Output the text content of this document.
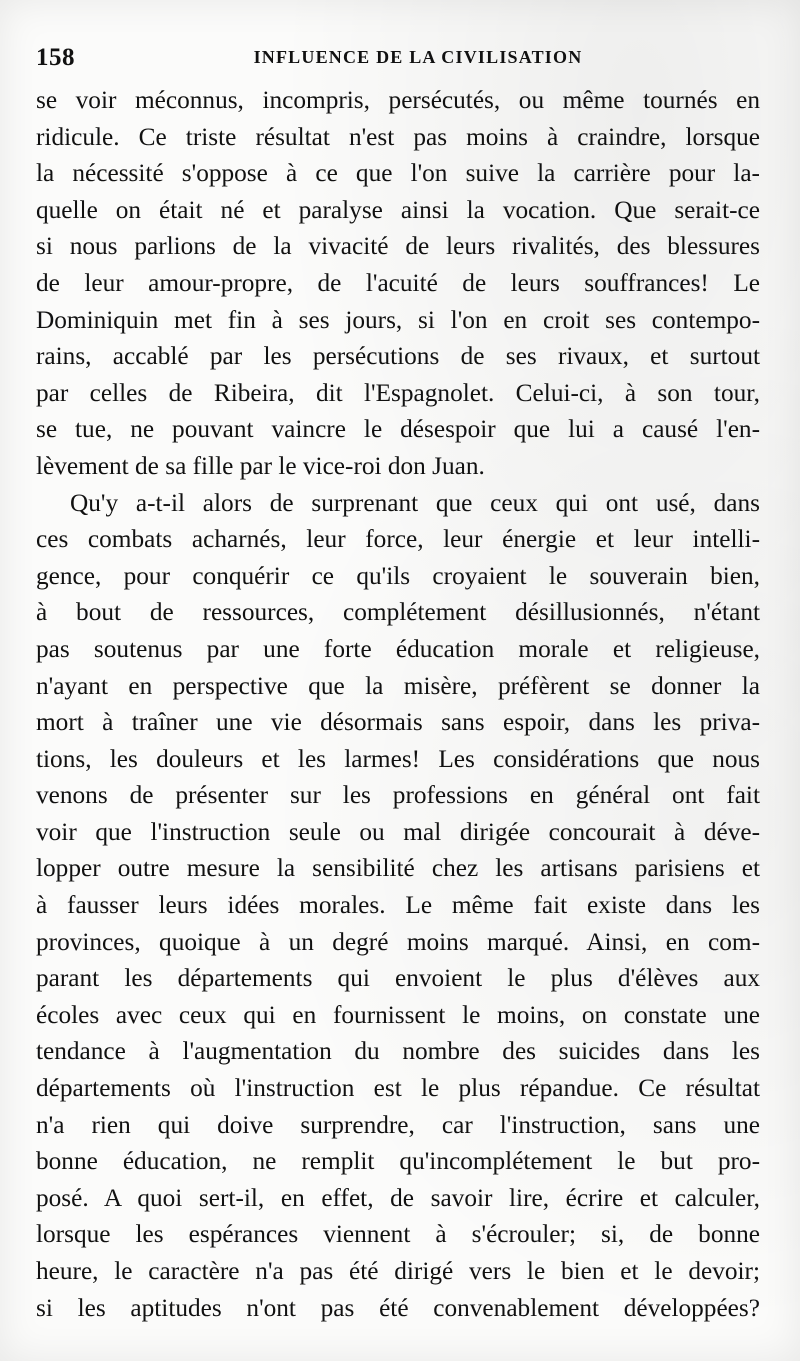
158	INFLUENCE DE LA CIVILISATION
se voir méconnus, incompris, persécutés, ou même tournés en
ridicule. Ce triste résultat n'est pas moins à craindre, lorsque
la nécessité s'oppose à ce que l'on suive la carrière pour la-
quelle on était né et paralyse ainsi la vocation. Que serait-ce
si nous parlions de la vivacité de leurs rivalités, des blessures
de leur amour-propre, de l'acuité de leurs souffrances! Le
Dominiquin met fin à ses jours, si l'on en croit ses contempo-
rains, accablé par les persécutions de ses rivaux, et surtout
par celles de Ribeira, dit l'Espagnolet. Celui-ci, à son tour,
se tue, ne pouvant vaincre le désespoir que lui a causé l'en-
lèvement de sa fille par le vice-roi don Juan.
Qu'y a-t-il alors de surprenant que ceux qui ont usé, dans
ces combats acharnés, leur force, leur énergie et leur intelli-
gence, pour conquérir ce qu'ils croyaient le souverain bien,
à bout de ressources, complétement désillusionnés, n'étant
pas soutenus par une forte éducation morale et religieuse,
n'ayant en perspective que la misère, préfèrent se donner la
mort à traîner une vie désormais sans espoir, dans les priva-
tions, les douleurs et les larmes! Les considérations que nous
venons de présenter sur les professions en général ont fait
voir que l'instruction seule ou mal dirigée concourait à déve-
lopper outre mesure la sensibilité chez les artisans parisiens et
à fausser leurs idées morales. Le même fait existe dans les
provinces, quoique à un degré moins marqué. Ainsi, en com-
parant les départements qui envoient le plus d'élèves aux
écoles avec ceux qui en fournissent le moins, on constate une
tendance à l'augmentation du nombre des suicides dans les
départements où l'instruction est le plus répandue. Ce résultat
n'a rien qui doive surprendre, car l'instruction, sans une
bonne éducation, ne remplit qu'incomplétement le but pro-
posé. A quoi sert-il, en effet, de savoir lire, écrire et calculer,
lorsque les espérances viennent à s'écrouler; si, de bonne
heure, le caractère n'a pas été dirigé vers le bien et le devoir;
si les aptitudes n'ont pas été convenablement développées?
